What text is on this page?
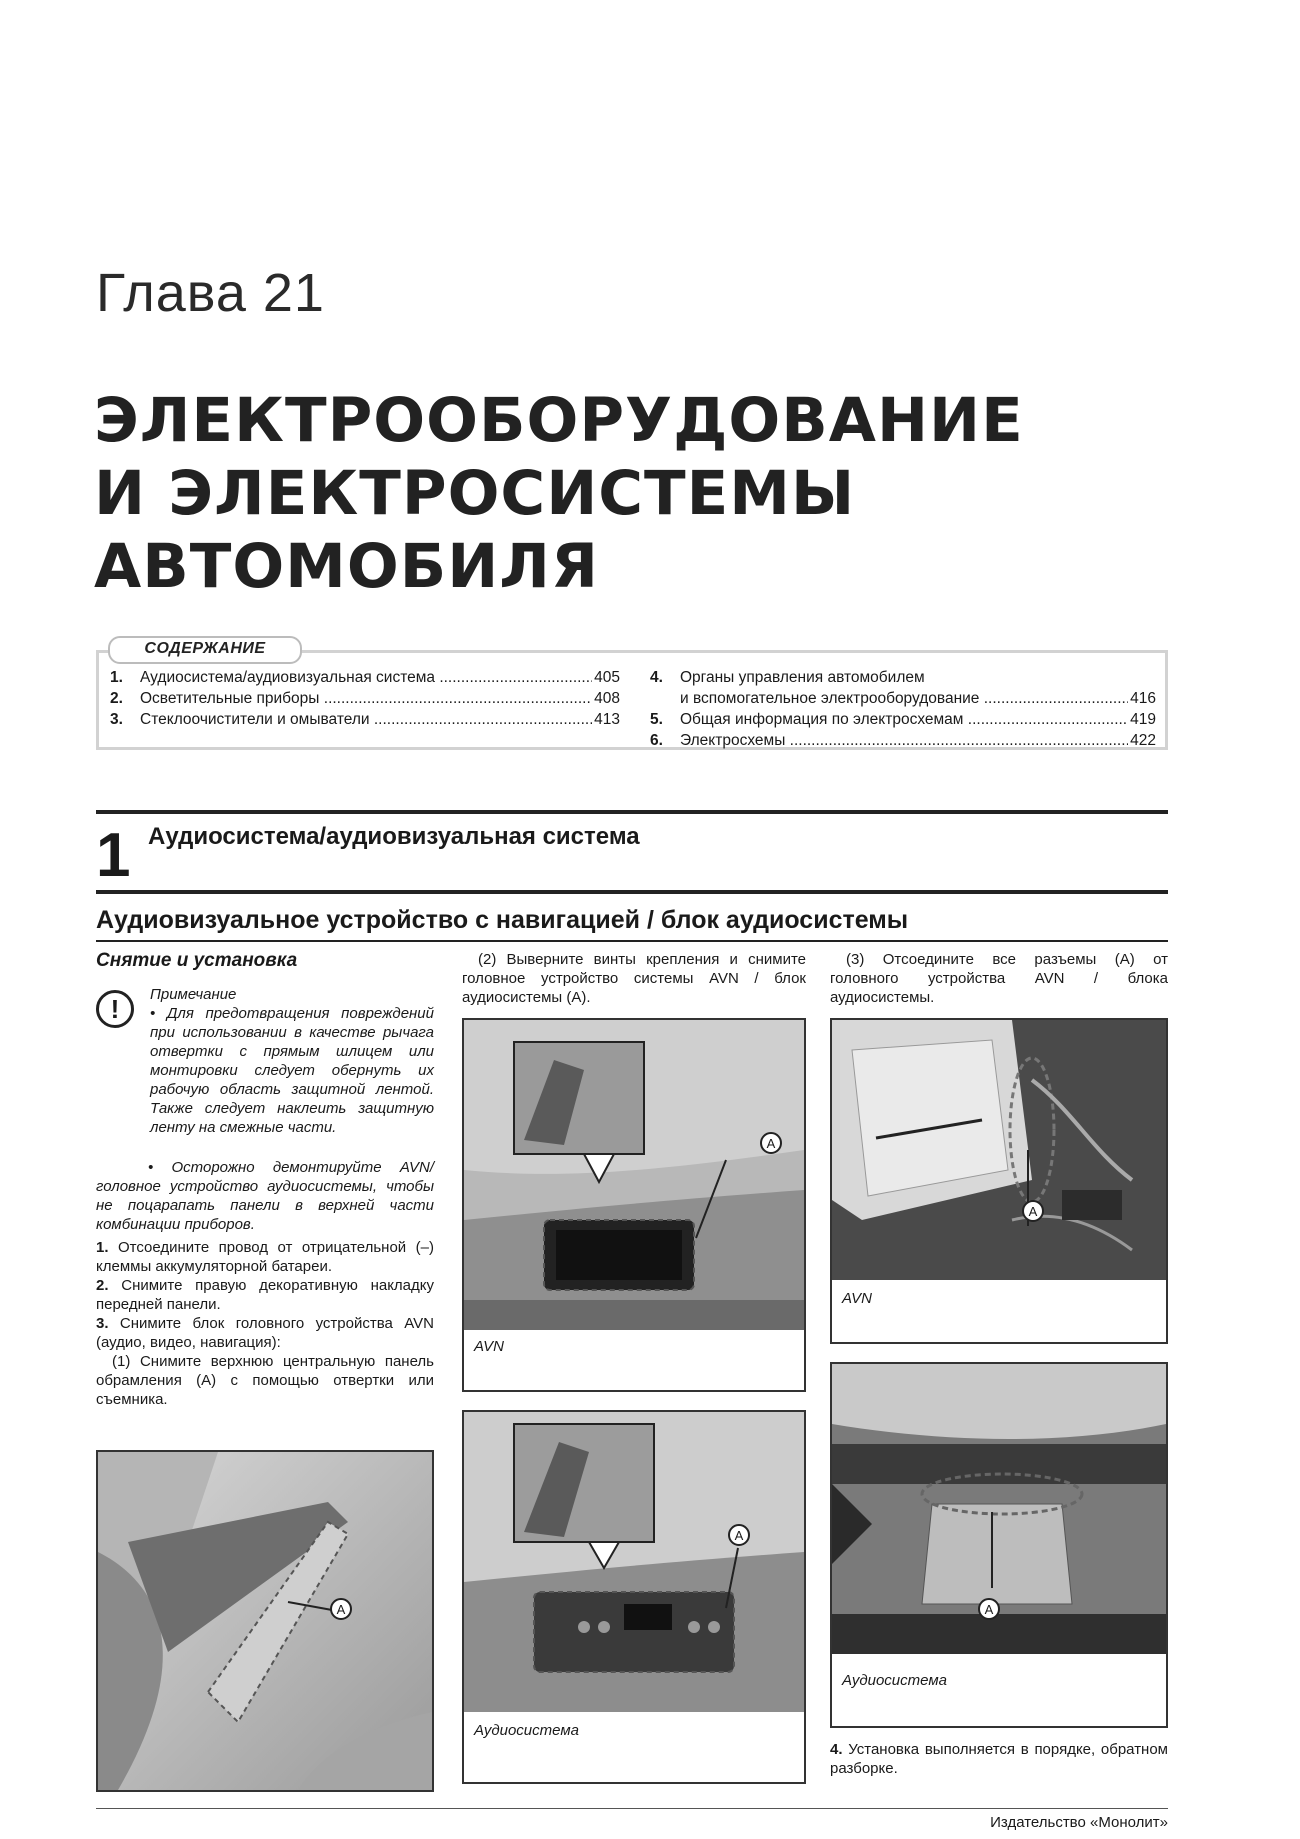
Глава 21
ЭЛЕКТРООБОРУДОВАНИЕ
И ЭЛЕКТРОСИСТЕМЫ
АВТОМОБИЛЯ
СОДЕРЖАНИЕ
1.	Аудиосистема/аудиовизуальная система .....	405
2.	Осветительные приборы .....	408
3.	Стеклоочистители и омыватели .....	413
4.	Органы управления автомобилем
и вспомогательное электрооборудование .....	416
5.	Общая информация по электросхемам .....	419
6.	Электросхемы .....	422
1 Аудиосистема/аудиовизуальная система
Аудиовизуальное устройство с навигацией / блок аудиосистемы
Снятие и установка
!	Примечание
• Для предотвращения повреждений при использовании в качестве рычага отвертки с прямым шлицем или монтировки следует обернуть их рабочую область защитной лентой. Также следует наклеить защитную ленту на смежные части.
• Осторожно демонтируйте AVN/ головное устройство аудиосистемы, чтобы не поцарапать панели в верхней части комбинации приборов.
1. Отсоедините провод от отрицательной (–) клеммы аккумуляторной батареи.
2. Снимите правую декоративную накладку передней панели.
3. Снимите блок головного устройства AVN (аудио, видео, навигация):
(1) Снимите верхнюю центральную панель обрамления (А) с помощью отвертки или съемника.
A
(2) Выверните винты крепления и снимите головное устройство системы AVN / блок аудиосистемы (А).
A
AVN
A
Аудиосистема
(3) Отсоедините все разъемы (А) от головного устройства AVN / блока аудиосистемы.
A
AVN
A
Аудиосистема
4. Установка выполняется в порядке, обратном разборке.
Издательство «Монолит»
